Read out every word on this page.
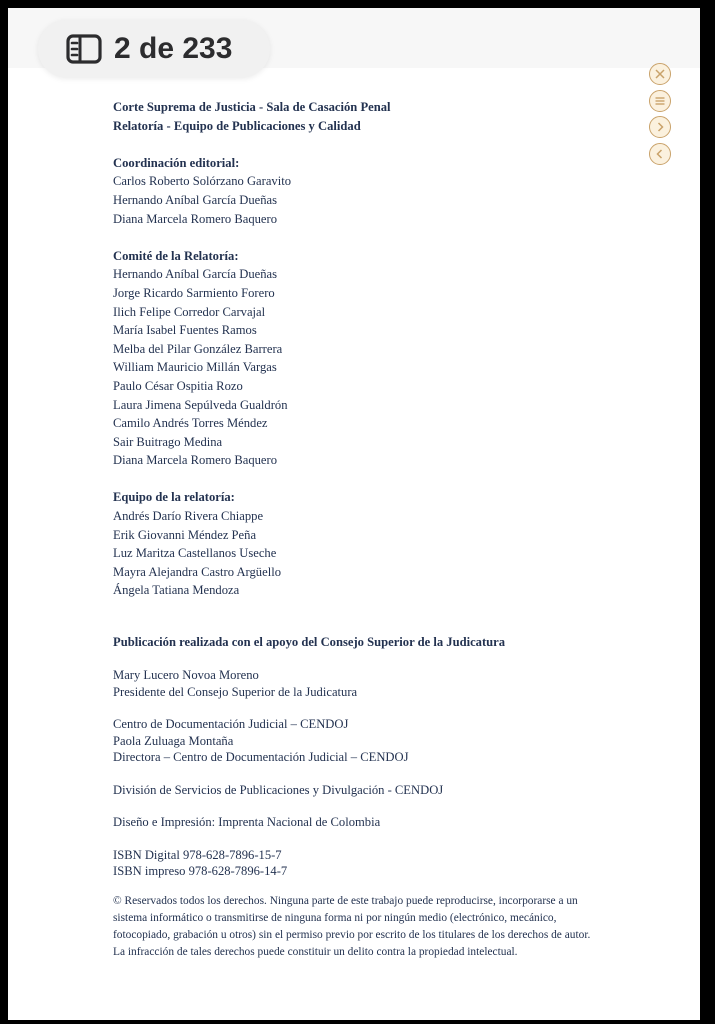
2 de 233
Corte Suprema de Justicia - Sala de Casación Penal
Relatoría - Equipo de Publicaciones y Calidad
Coordinación editorial:
Carlos Roberto Solórzano Garavito
Hernando Aníbal García Dueñas
Diana Marcela Romero Baquero
Comité de la Relatoría:
Hernando Aníbal García Dueñas
Jorge Ricardo Sarmiento Forero
Ilich Felipe Corredor Carvajal
María Isabel Fuentes Ramos
Melba del Pilar González Barrera
William Mauricio Millán Vargas
Paulo César Ospitia Rozo
Laura Jimena Sepúlveda Gualdrón
Camilo Andrés Torres Méndez
Sair Buitrago Medina
Diana Marcela Romero Baquero
Equipo de la relatoría:
Andrés Darío Rivera Chiappe
Erik Giovanni Méndez Peña
Luz Maritza Castellanos Useche
Mayra Alejandra Castro Argüello
Ángela Tatiana Mendoza
Publicación realizada con el apoyo del Consejo Superior de la Judicatura
Mary Lucero Novoa Moreno
Presidente del Consejo Superior de la Judicatura
Centro de Documentación Judicial – CENDOJ
Paola Zuluaga Montaña
Directora – Centro de Documentación Judicial – CENDOJ
División de Servicios de Publicaciones y Divulgación - CENDOJ
Diseño e Impresión: Imprenta Nacional de Colombia
ISBN Digital 978-628-7896-15-7
ISBN impreso 978-628-7896-14-7
© Reservados todos los derechos. Ninguna parte de este trabajo puede reproducirse, incorporarse a un sistema informático o transmitirse de ninguna forma ni por ningún medio (electrónico, mecánico, fotocopiado, grabación u otros) sin el permiso previo por escrito de los titulares de los derechos de autor. La infracción de tales derechos puede constituir un delito contra la propiedad intelectual.
